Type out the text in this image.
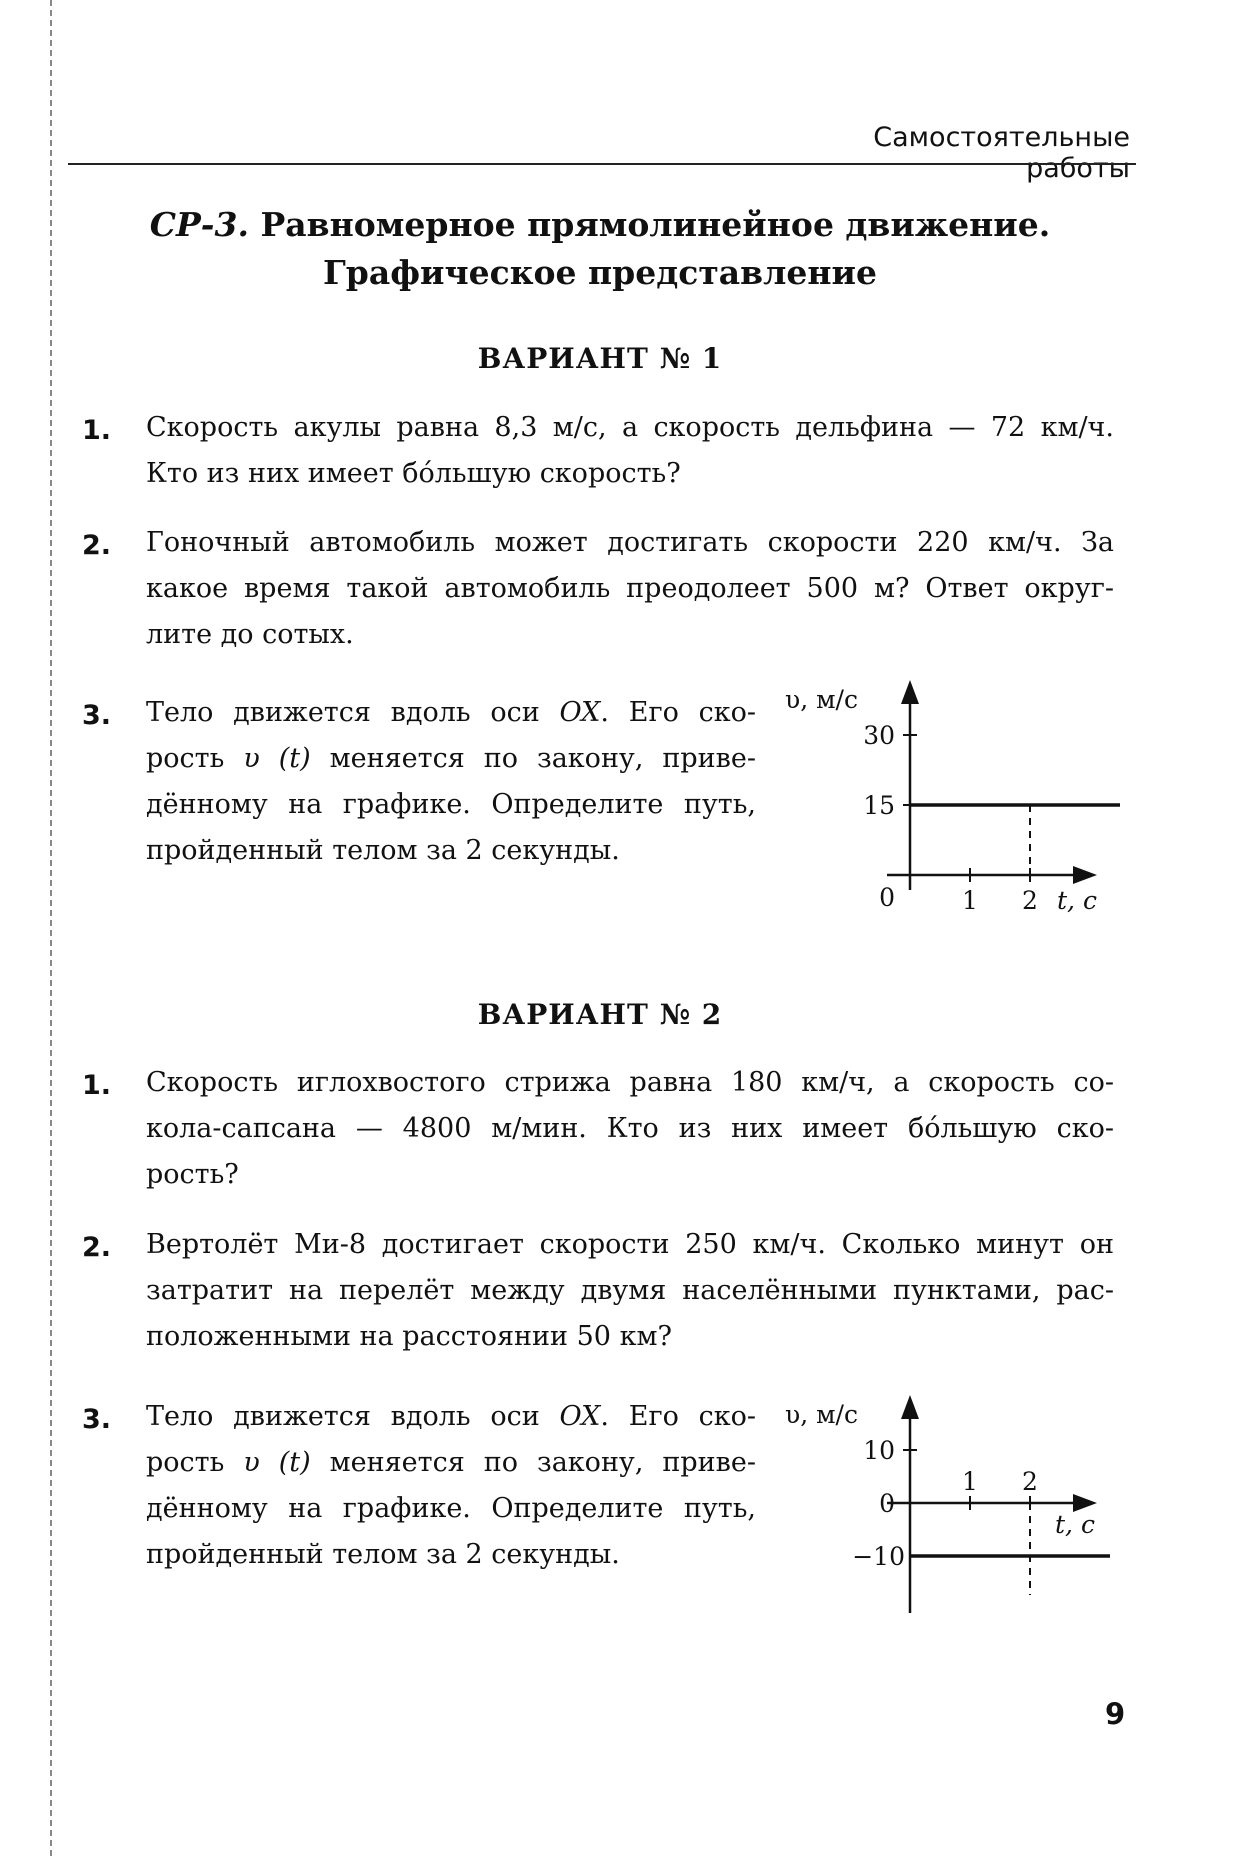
Самостоятельные работы
СР-3. Равномерное прямолинейное движение.
Графическое представление
ВАРИАНТ № 1
1. Скорость акулы равна 8,3 м/с, а скорость дельфина — 72 км/ч.
Кто из них имеет бóльшую скорость?
2. Гоночный автомобиль может достигать скорости 220 км/ч. За
какое время такой автомобиль преодолеет 500 м? Ответ округ-
лите до сотых.
3. Тело движется вдоль оси OX. Его ско-
рость υ (t) меняется по закону, приве-
дённому на графике. Определите путь,
пройденный телом за 2 секунды.
υ, м/с
30
15
0	1 2 t, с
ВАРИАНТ № 2
1. Скорость иглохвостого стрижа равна 180 км/ч, а скорость со-
кола-сапсана — 4800 м/мин. Кто из них имеет бóльшую ско-
рость?
2. Вертолёт Ми-8 достигает скорости 250 км/ч. Сколько минут он
затратит на перелёт между двумя населёнными пунктами, рас-
положенными на расстоянии 50 км?
3. Тело движется вдоль оси OX. Его ско-
рость υ (t) меняется по закону, приве-
дённому на графике. Определите путь,
пройденный телом за 2 секунды.
υ, м/с
10
0
−10
1 2
t, с
9
